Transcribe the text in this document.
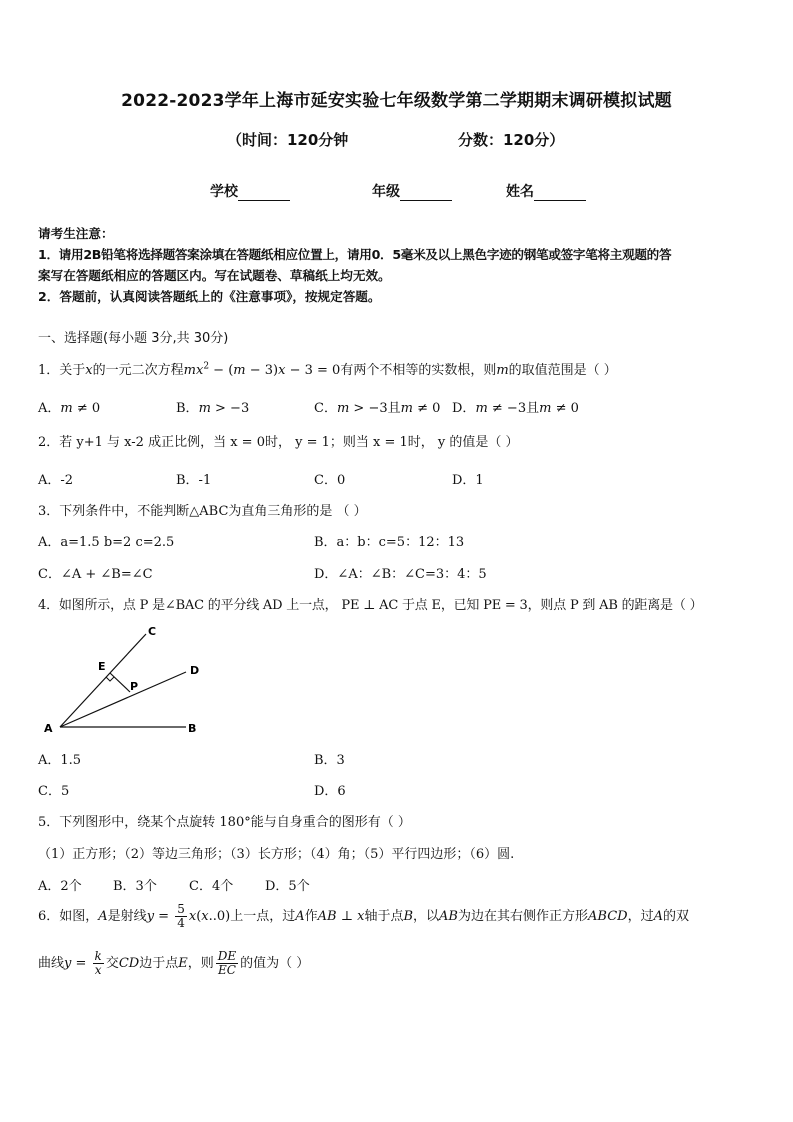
2022-2023学年上海市延安实验七年级数学第二学期期末调研模拟试题
（时间：120分钟	分数：120分）
学校	年级	姓名

请考生注意：

1．请用2B铅笔将选择题答案涂填在答题纸相应位置上，请用0．5毫米及以上黑色字迹的钢笔或签字笔将主观题的答

案写在答题纸相应的答题区内。写在试题卷、草稿纸上均无效。

2．答题前，认真阅读答题纸上的《注意事项》，按规定答题。

一、选择题(每小题 3分,共 30分)
1．关于x的一元二次方程$mx^2 - (m - 3)x - 3 = 0$有两个不相等的实数根，则m的取值范围是（ ）
A．m ≠ 0	B．m > −3	C．m > −3且m ≠ 0 D．m ≠ −3且m ≠ 0
2．若 y+1 与 x-2 成正比例，当 x = 0时， y = 1；则当 x = 1时， y 的值是（ ）
A．-2	B．-1	C．0	D．1
3．下列条件中，不能判断△ABC为直角三角形的是 （ ）
A．a=1.5 b=2 c=2.5	B．a：b：c=5：12：13
C．∠A + ∠B=∠C	D．∠A：∠B：∠C=3：4：5
4．如图所示，点 P 是∠BAC 的平分线 AD 上一点， PE ⊥ AC 于点 E，已知 PE = 3，则点 P 到 AB 的距离是（ ）
A	B
C
D
E
P
A．1.5	B．3
C．5	D．6
5．下列图形中，绕某个点旋转 180°能与自身重合的图形有（ ）
（1）正方形；（2）等边三角形；（3）长方形；（4）角；（5）平行四边形；（6）圆.
A．2个 B．3个 C．4个 D．5个
6．如图，A是射线$y = \frac{5}{4} x(x..0)$上一点，过A作AB ⊥ x轴于点B，以AB为边在其右侧作正方形ABCD，过A的双
曲线$y = \frac{k}{x}$ 交CD边于点E，则 $\frac{DE}{EC}$ 的值为（ ）
